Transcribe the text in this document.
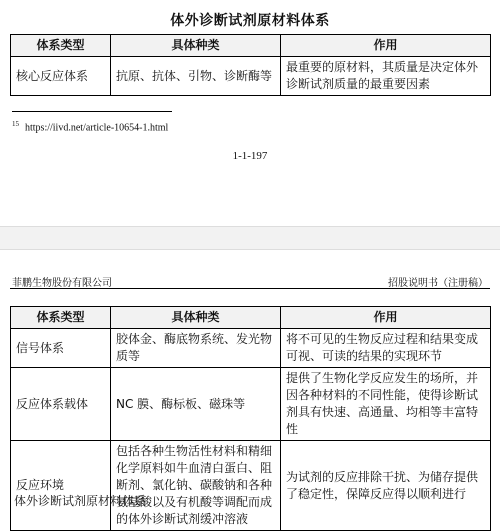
体外诊断试剂原材料体系
体系类型	具体种类	作用
核心反应体系	抗原、抗体、引物、诊断酶等	最重要的原材料，其质量是决定体外诊断试剂质量的最重要因素
$^{15}$ https://iivd.net/article-10654-1.html
1-1-197
菲鹏生物股份有限公司	招股说明书（注册稿）
体系类型	具体种类	作用
信号体系	胶体金、酶底物系统、发光物质等	将不可见的生物反应过程和结果变成可视、可读的结果的实现环节
反应体系载体	NC 膜、酶标板、磁珠等	提供了生物化学反应发生的场所，并因各种材料的不同性能，使得诊断试剂具有快速、高通量、均相等丰富特性
反应环境	包括各种生物活性材料和精细化学原料如牛血清白蛋白、阻断剂、氯化钠、碳酸钠和各种氨基酸以及有机酸等调配而成的体外诊断试剂缓冲溶液	为试剂的反应排除干扰、为储存提供了稳定性，保障反应得以顺利进行
体外诊断试剂原材料体系
